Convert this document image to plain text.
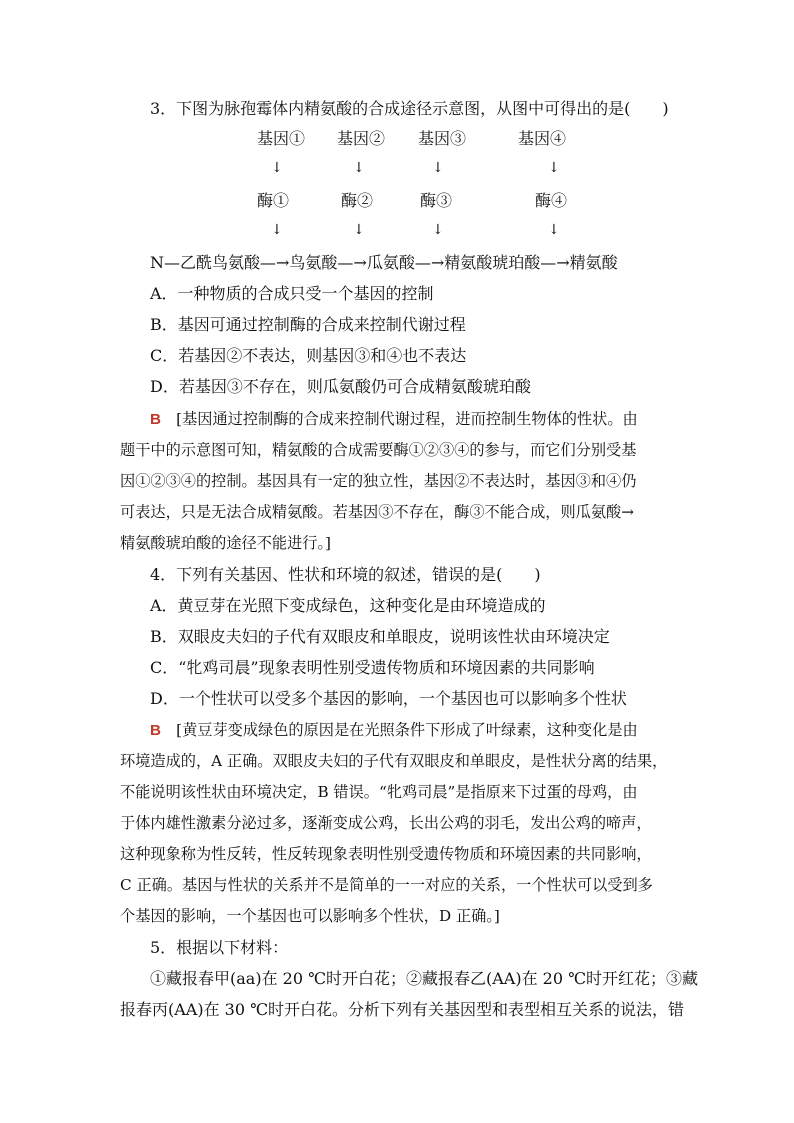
3．下图为脉孢霉体内精氨酸的合成途径示意图，从图中可得出的是(　　)
基因① 基因② 基因③	基因④
↓	↓	↓	↓
酶①	酶②	酶③	酶④
↓	↓	↓	↓
N—乙酰鸟氨酸—→鸟氨酸—→瓜氨酸—→精氨酸琥珀酸—→精氨酸
A．一种物质的合成只受一个基因的控制
B．基因可通过控制酶的合成来控制代谢过程
C．若基因②不表达，则基因③和④也不表达
D．若基因③不存在，则瓜氨酸仍可合成精氨酸琥珀酸
B　 [基因通过控制酶的合成来控制代谢过程，进而控制生物体的性状。由
题干中的示意图可知，精氨酸的合成需要酶①②③④的参与，而它们分别受基
因①②③④的控制。基因具有一定的独立性，基因②不表达时，基因③和④仍
可表达，只是无法合成精氨酸。若基因③不存在，酶③不能合成，则瓜氨酸→
精氨酸琥珀酸的途径不能进行。]
4．下列有关基因、性状和环境的叙述，错误的是(　　)
A．黄豆芽在光照下变成绿色，这种变化是由环境造成的
B．双眼皮夫妇的子代有双眼皮和单眼皮，说明该性状由环境决定
C．“牝鸡司晨”现象表明性别受遗传物质和环境因素的共同影响
D．一个性状可以受多个基因的影响，一个基因也可以影响多个性状
B　 [黄豆芽变成绿色的原因是在光照条件下形成了叶绿素，这种变化是由
环境造成的，A 正确。双眼皮夫妇的子代有双眼皮和单眼皮，是性状分离的结果，
不能说明该性状由环境决定，B 错误。“牝鸡司晨”是指原来下过蛋的母鸡，由
于体内雄性激素分泌过多，逐渐变成公鸡，长出公鸡的羽毛，发出公鸡的啼声，
这种现象称为性反转，性反转现象表明性别受遗传物质和环境因素的共同影响，
C 正确。基因与性状的关系并不是简单的一一对应的关系，一个性状可以受到多
个基因的影响，一个基因也可以影响多个性状，D 正确。]
5．根据以下材料：
①藏报春甲(aa)在 20 ℃时开白花；②藏报春乙(AA)在 20 ℃时开红花；③藏
报春丙(AA)在 30 ℃时开白花。分析下列有关基因型和表型相互关系的说法，错
